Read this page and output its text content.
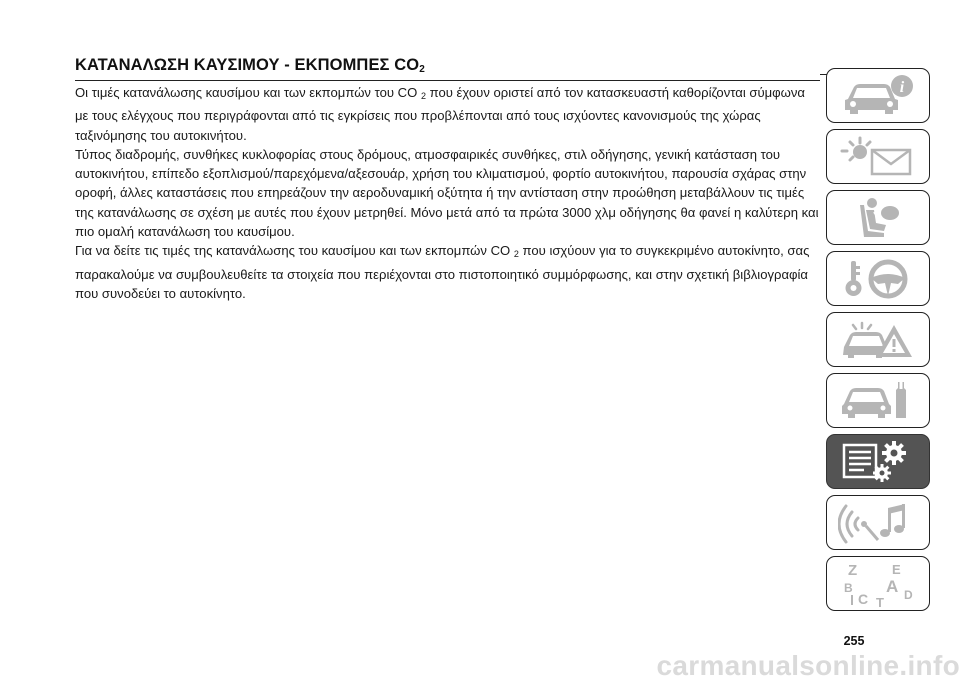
ΚΑΤΑΝΑΛΩΣΗ ΚΑΥΣΙΜΟΥ - ΕΚΠΟΜΠΕΣ $CO_2$

Οι τιμές κατανάλωσης καυσίμου και των εκπομπών του CO 2 που έχουν οριστεί από τον κατασκευαστή καθορίζονται σύμφωνα με τους ελέγχους που περιγράφονται από τις εγκρίσεις που προβλέπονται από τους ισχύοντες κανονισμούς της χώρας ταξινόμησης του αυτοκινήτου.

Τύπος διαδρομής, συνθήκες κυκλοφορίας στους δρόμους, ατμοσφαιρικές συνθήκες, στιλ οδήγησης, γενική κατάσταση του αυτοκινήτου, επίπεδο εξοπλισμού/παρεχόμενα/αξεσουάρ, χρήση του κλιματισμού, φορτίο αυτοκινήτου, παρουσία σχάρας στην οροφή, άλλες καταστάσεις που επηρεάζουν την αεροδυναμική οξύτητα ή την αντίσταση στην προώθηση μεταβάλλουν τις τιμές της κατανάλωσης σε σχέση με αυτές που έχουν μετρηθεί. Μόνο μετά από τα πρώτα 3000 χλμ οδήγησης θα φανεί η καλύτερη και πιο ομαλή κατανάλωση του καυσίμου.

Για να δείτε τις τιμές της κατανάλωσης του καυσίμου και των εκπομπών CO 2 που ισχύουν για το συγκεκριμένο αυτοκίνητο, σας παρακαλούμε να συμβουλευθείτε τα στοιχεία που περιέχονται στο πιστοποιητικό συμμόρφωσης, και στην σχετική βιβλιογραφία που συνοδεύει το αυτοκίνητο.

i
Z	E
B A
C	D
T
255
carmanualsonline.info
